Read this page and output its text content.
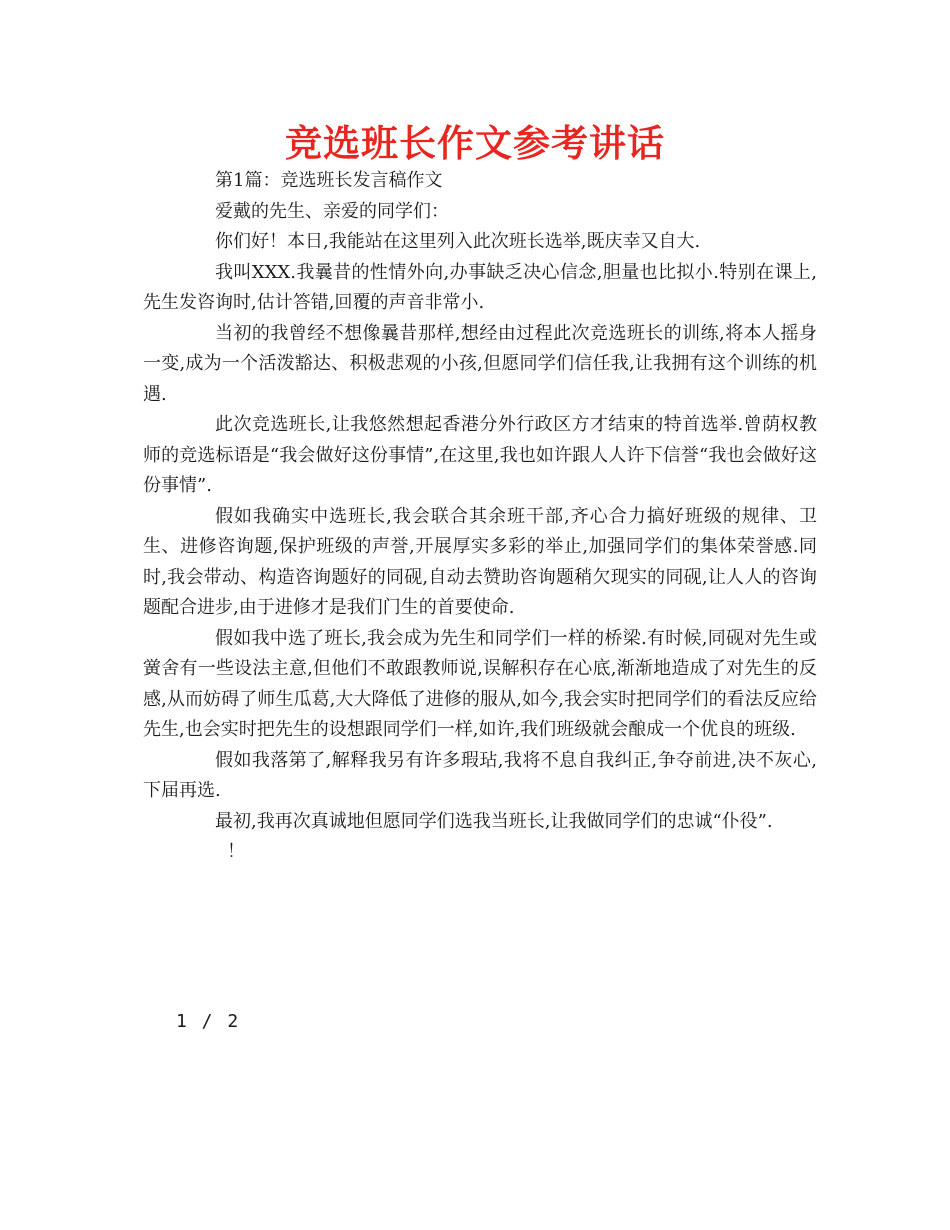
竞选班长作文参考讲话

第1篇：竞选班长发言稿作文

爱戴的先生、亲爱的同学们：

你们好！本日,我能站在这里列入此次班长选举,既庆幸又自大.

我叫XXX.我曩昔的性情外向,办事缺乏决心信念,胆量也比拟小.特别在课上,先生发咨询时,估计答错,回覆的声音非常小.

当初的我曾经不想像曩昔那样,想经由过程此次竞选班长的训练,将本人摇身一变,成为一个活泼豁达、积极悲观的小孩,但愿同学们信任我,让我拥有这个训练的机遇.

此次竞选班长,让我悠然想起香港分外行政区方才结束的特首选举.曾荫权教师的竞选标语是“我会做好这份事情”,在这里,我也如许跟人人许下信誉“我也会做好这份事情”.

假如我确实中选班长,我会联合其余班干部,齐心合力搞好班级的规律、卫生、进修咨询题,保护班级的声誉,开展厚实多彩的举止,加强同学们的集体荣誉感.同时,我会带动、构造咨询题好的同砚,自动去赞助咨询题稍欠现实的同砚,让人人的咨询题配合进步,由于进修才是我们门生的首要使命.

假如我中选了班长,我会成为先生和同学们一样的桥梁.有时候,同砚对先生或黉舍有一些设法主意,但他们不敢跟教师说,误解积存在心底,渐渐地造成了对先生的反感,从而妨碍了师生瓜葛,大大降低了进修的服从,如今,我会实时把同学们的看法反应给先生,也会实时把先生的设想跟同学们一样,如许,我们班级就会酿成一个优良的班级.

假如我落第了,解释我另有许多瑕玷,我将不息自我纠正,争夺前进,决不灰心,下届再选.

最初,我再次真诚地但愿同学们选我当班长,让我做同学们的忠诚“仆役”.

！

1 / 2
